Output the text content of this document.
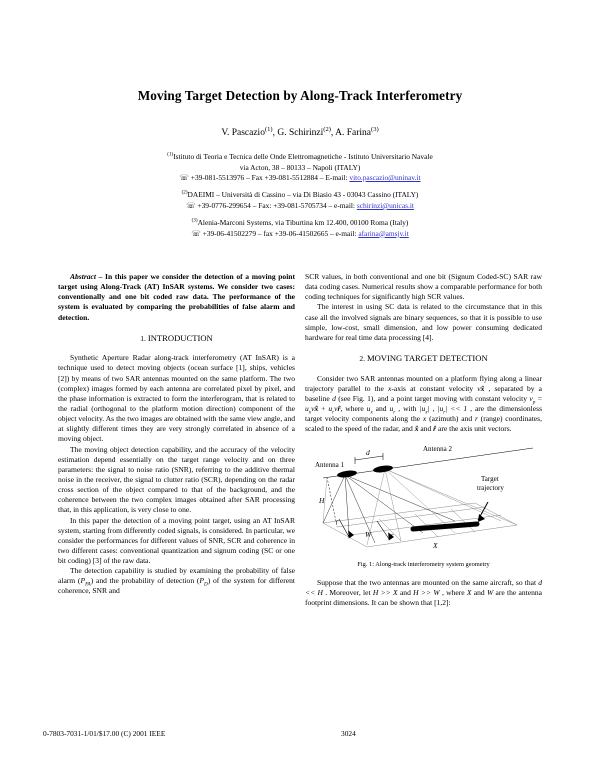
Moving Target Detection by Along-Track Interferometry
V. Pascazio$^{(1)}$, G. Schirinzi$^{(2)}$, A. Farina$^{(3)}$
$^{(1)}$Istituto di Teoria e Tecnica delle Onde Elettromagnetiche - Istituto Universitario Navale
via Acton, 38 – 80133 – Napoli (ITALY)
☏ +39-081-5513976 – Fax +39-081-5512884 – E-mail: vito.pascazio@uninav.it
$^{(2)}$DAEIMI – Università di Cassino – via Di Biasio 43 - 03043 Cassino (ITALY)
☏ +39-0776-299654 – Fax: +39-081-5705734 – e-mail: schirinzi@unicas.it
$^{(3)}$Alenia-Marconi Systems, via Tiburtina km 12.400, 00100 Roma (Italy)
☏ +39-06-41502279 – fax +39-06-41502665 – e-mail: afarina@amsjv.it

Abstract – In this paper we consider the detection of a moving point target using Along-Track (AT) InSAR systems. We consider two cases: conventionally and one bit coded raw data. The performance of the system is evaluated by comparing the probabilities of false alarm and detection.

1. INTRODUCTION

Synthetic Aperture Radar along-track interferometry (AT InSAR) is a technique used to detect moving objects (ocean surface [1], ships, vehicles [2]) by means of two SAR antennas mounted on the same platform. The two (complex) images formed by each antenna are correlated pixel by pixel, and the phase information is extracted to form the interferogram, that is related to the radial (orthogonal to the platform motion direction) component of the object velocity. As the two images are obtained with the same view angle, and at slightly different times they are very strongly correlated in absence of a moving object.

The moving object detection capability, and the accuracy of the velocity estimation depend essentially on the target range velocity and on three parameters: the signal to noise ratio (SNR), referring to the additive thermal noise in the receiver, the signal to clutter ratio (SCR), depending on the radar cross section of the object compared to that of the background, and the coherence between the two complex images obtained after SAR processing that, in this application, is very close to one.

In this paper the detection of a moving point target, using an AT InSAR system, starting from differently coded signals, is considered. In particular, we consider the performances for different values of SNR, SCR and coherence in two different cases: conventional quantization and signum coding (SC or one bit coding) [3] of the raw data.

The detection capability is studied by examining the probability of false alarm $(P_{FA})$ and the probability of detection $(P_D)$ of the system for different coherence, SNR and

SCR values, in both conventional and one bit (Signum Coded-SC) SAR raw data coding cases. Numerical results show a comparable performance for both coding techniques for significantly high SCR values.

The interest in using SC data is related to the circumstance that in this case all the involved signals are binary sequences, so that it is possible to use simple, low-cost, small dimension, and low power consuming dedicated hardware for real time data processing [4].

2. MOVING TARGET DETECTION

Consider two SAR antennas mounted on a platform flying along a linear trajectory parallel to the x-axis at constant velocity vx̂ , separated by a baseline d (see Fig. 1), and a point target moving with constant velocity $v_p$ = $u_xvx̂$ + $u_rvr̂$, where $u_x$ and $u_r$ , with $|u_x|$ , $|u_r| << 1$ , are the dimensionless target velocity components along the x (azimuth) and r (range) coordinates, scaled to the speed of the radar, and x̂ and r̂ are the axis unit vectors.

Antenna 1
Antenna 2
d
H
r
W	r
X
Target
trajectory
Fig. 1: Along-track interferometry system geometry

Suppose that the two antennas are mounted on the same aircraft, so that d << H . Moreover, let H >> X and H >> W , where X and W are the antenna footprint dimensions. It can be shown that [1,2]:

0-7803-7031-1/01/$17.00 (C) 2001 IEEE	3024
